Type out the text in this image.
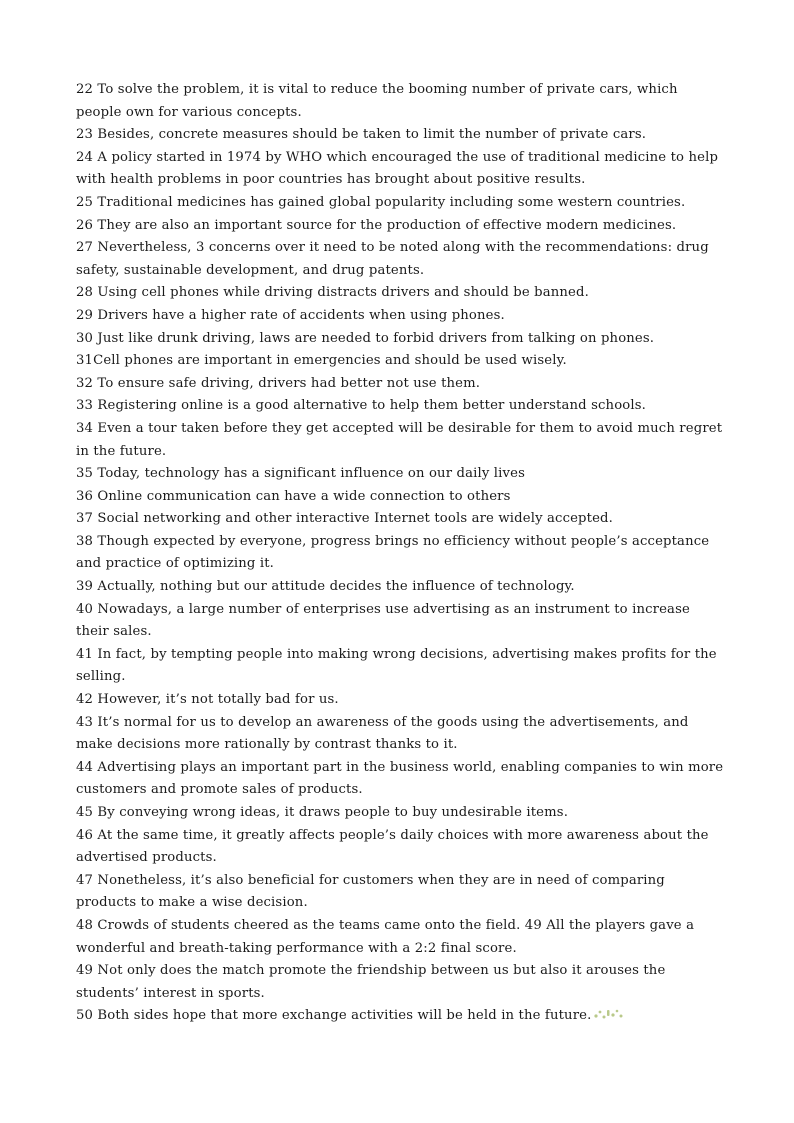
22 To solve the problem, it is vital to reduce the booming number of private cars, which people own for various concepts.

23 Besides, concrete measures should be taken to limit the number of private cars.

24 A policy started in 1974 by WHO which encouraged the use of traditional medicine to help with health problems in poor countries has brought about positive results.

25 Traditional medicines has gained global popularity including some western countries.

26 They are also an important source for the production of effective modern medicines.

27 Nevertheless, 3 concerns over it need to be noted along with the recommendations: drug safety, sustainable development, and drug patents.

28 Using cell phones while driving distracts drivers and should be banned.

29 Drivers have a higher rate of accidents when using phones.

30 Just like drunk driving, laws are needed to forbid drivers from talking on phones.

31Cell phones are important in emergencies and should be used wisely.

32 To ensure safe driving, drivers had better not use them.

33 Registering online is a good alternative to help them better understand schools.

34 Even a tour taken before they get accepted will be desirable for them to avoid much regret in the future.

35 Today, technology has a significant influence on our daily lives

36 Online communication can have a wide connection to others

37 Social networking and other interactive Internet tools are widely accepted.

38 Though expected by everyone, progress brings no efficiency without people’s acceptance and practice of optimizing it.

39 Actually, nothing but our attitude decides the influence of technology.

40 Nowadays, a large number of enterprises use advertising as an instrument to increase their sales.

41 In fact, by tempting people into making wrong decisions, advertising makes profits for the selling.

42 However, it’s not totally bad for us.

43 It’s normal for us to develop an awareness of the goods using the advertisements, and make decisions more rationally by contrast thanks to it.

44 Advertising plays an important part in the business world, enabling companies to win more customers and promote sales of products.

45 By conveying wrong ideas, it draws people to buy undesirable items.

46 At the same time, it greatly affects people’s daily choices with more awareness about the advertised products.

47 Nonetheless, it’s also beneficial for customers when they are in need of comparing products to make a wise decision.

48 Crowds of students cheered as the teams came onto the field. 49 All the players gave a wonderful and breath-taking performance with a 2:2 final score.

49 Not only does the match promote the friendship between us but also it arouses the students’ interest in sports.

50 Both sides hope that more exchange activities will be held in the future.
